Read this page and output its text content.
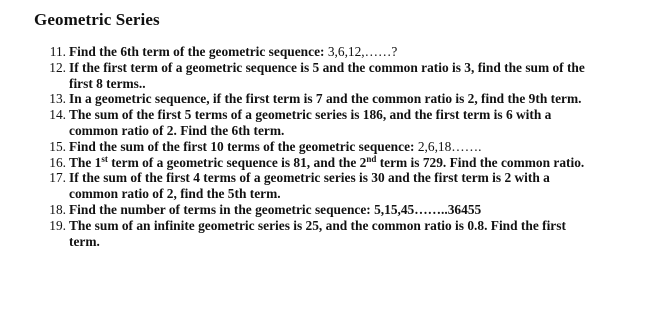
Geometric Series
11. Find the 6th term of the geometric sequence: 3,6,12,……?
12. If the first term of a geometric sequence is 5 and the common ratio is 3, find the sum of the first 8 terms..
13. In a geometric sequence, if the first term is 7 and the common ratio is 2, find the 9th term.
14. The sum of the first 5 terms of a geometric series is 186, and the first term is 6 with a common ratio of 2. Find the 6th term.
15. Find the sum of the first 10 terms of the geometric sequence: 2,6,18…….
16. The 1st term of a geometric sequence is 81, and the 2nd term is 729. Find the common ratio.
17. If the sum of the first 4 terms of a geometric series is 30 and the first term is 2 with a common ratio of 2, find the 5th term.
18. Find the number of terms in the geometric sequence: 5,15,45……..36455
19. The sum of an infinite geometric series is 25, and the common ratio is 0.8. Find the first term.
